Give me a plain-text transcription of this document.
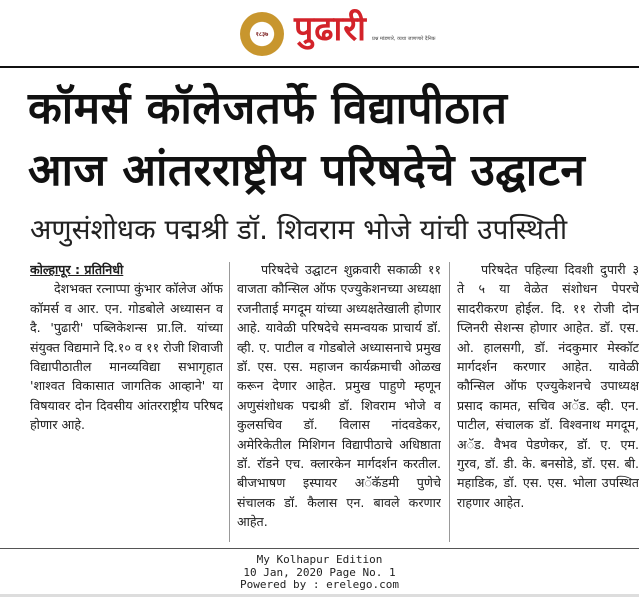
१८३७ पुढारी प्रश्न मांडणारे, व्यथा जाणणारे दैनिक
कॉमर्स कॉलेजतर्फे विद्यापीठात
आज आंतरराष्ट्रीय परिषदेचे उद्घाटन
अणुसंशोधक पद्मश्री डॉ. शिवराम भोजे यांची उपस्थिती

कोल्हापूर : प्रतिनिधी

देशभक्त रत्नाप्पा कुंभार कॉलेज ऑफ कॉमर्स व आर. एन. गोडबोले अध्यासन व दै. 'पुढारी' पब्लिकेशन्स प्रा.लि. यांच्या संयुक्त विद्यमाने दि.१० व ११ रोजी शिवाजी विद्यापीठातील मानव्यविद्या सभागृहात 'शाश्वत विकासात जागतिक आव्हाने' या विषयावर दोन दिवसीय आंतरराष्ट्रीय परिषद होणार आहे.

परिषदेचे उद्घाटन शुक्रवारी सकाळी ११ वाजता कौन्सिल ऑफ एज्युकेशनच्या अध्यक्षा रजनीताई मगदूम यांच्या अध्यक्षतेखाली होणार आहे. यावेळी परिषदेचे समन्वयक प्राचार्य डॉ. व्ही. ए. पाटील व गोडबोले अध्यासनाचे प्रमुख डॉ. एस. एस. महाजन कार्यक्रमाची ओळख करून देणार आहेत. प्रमुख पाहुणे म्हणून अणुसंशोधक पद्मश्री डॉ. शिवराम भोजे व कुलसचिव डॉ. विलास नांदवडेकर, अमेरिकेतील मिशिगन विद्यापीठाचे अधिष्ठाता डॉ. रॉडने एच. क्लारकेन मार्गदर्शन करतील. बीजभाषण इस्पायर अॅकॅडमी पुणेचे संचालक डॉ. कैलास एन. बावले करणार आहेत.

परिषदेत पहिल्या दिवशी दुपारी ३ ते ५ या वेळेत संशोधन पेपरचे सादरीकरण होईल. दि. ११ रोजी दोन प्लिनरी सेशन्स होणार आहेत. डॉ. एस. ओ. हालसगी, डॉ. नंदकुमार मेस्कॉट मार्गदर्शन करणार आहेत. यावेळी कौन्सिल ऑफ एज्युकेशनचे उपाध्यक्ष प्रसाद कामत, सचिव अॅड. व्ही. एन. पाटील, संचालक डॉ. विश्वनाथ मगदूम, अॅड. वैभव पेडणेकर, डॉ. ए. एम. गुरव, डॉ. डी. के. बनसोडे, डॉ. एस. बी. महाडिक, डॉ. एस. एस. भोला उपस्थित राहणार आहेत.

My Kolhapur Edition
10 Jan, 2020 Page No. 1
Powered by : erelego.com
